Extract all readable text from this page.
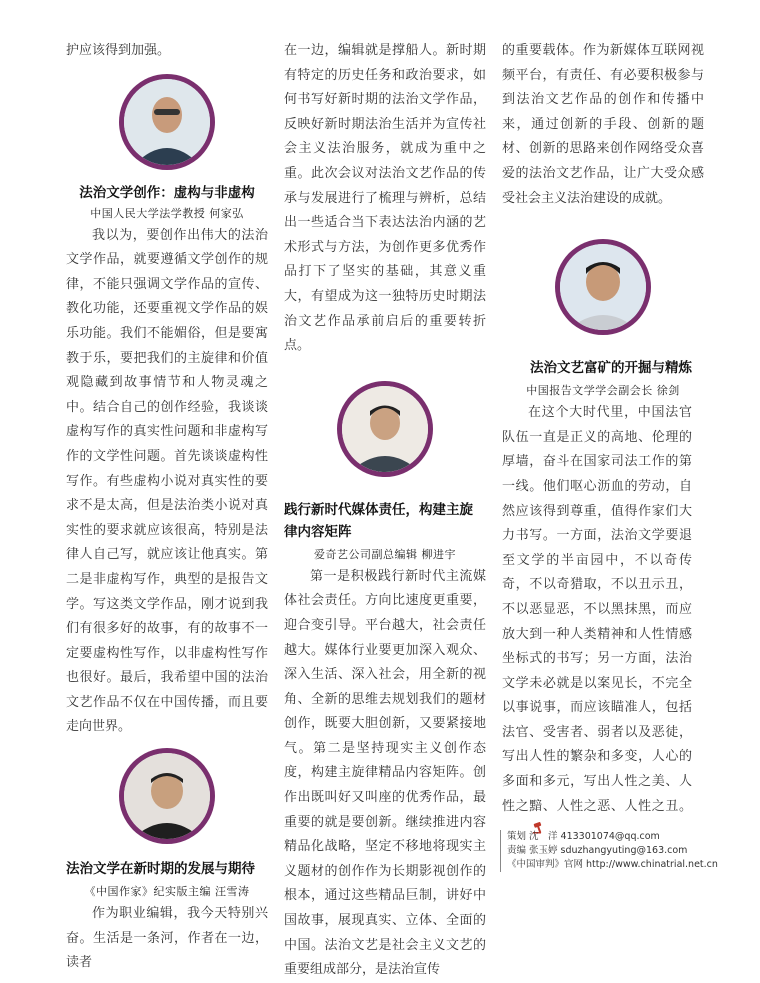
护应该得到加强。

法治文学创作：虚构与非虚构

中国人民大学法学教授 何家弘

我以为，要创作出伟大的法治文学作品，就要遵循文学创作的规律，不能只强调文学作品的宣传、教化功能，还要重视文学作品的娱乐功能。我们不能媚俗，但是要寓教于乐，要把我们的主旋律和价值观隐藏到故事情节和人物灵魂之中。结合自己的创作经验，我谈谈虚构写作的真实性问题和非虚构写作的文学性问题。首先谈谈虚构性写作。有些虚构小说对真实性的要求不是太高，但是法治类小说对真实性的要求就应该很高，特别是法律人自己写，就应该让他真实。第二是非虚构写作，典型的是报告文学。写这类文学作品，刚才说到我们有很多好的故事，有的故事不一定要虚构性写作，以非虚构性写作也很好。最后，我希望中国的法治文艺作品不仅在中国传播，而且要走向世界。

法治文学在新时期的发展与期待

《中国作家》纪实版主编 汪雪涛

作为职业编辑，我今天特别兴奋。生活是一条河，作者在一边，读者

在一边，编辑就是撑船人。新时期有特定的历史任务和政治要求，如何书写好新时期的法治文学作品，反映好新时期法治生活并为宣传社会主义法治服务，就成为重中之重。此次会议对法治文艺作品的传承与发展进行了梳理与辨析，总结出一些适合当下表达法治内涵的艺术形式与方法，为创作更多优秀作品打下了坚实的基础，其意义重大，有望成为这一独特历史时期法治文艺作品承前启后的重要转折点。

践行新时代媒体责任，构建主旋律内容矩阵

爱奇艺公司副总编辑 柳进宇

第一是积极践行新时代主流媒体社会责任。方向比速度更重要，迎合变引导。平台越大，社会责任越大。媒体行业要更加深入观众、深入生活、深入社会，用全新的视角、全新的思维去规划我们的题材创作，既要大胆创新，又要紧接地气。第二是坚持现实主义创作态度，构建主旋律精品内容矩阵。创作出既叫好又叫座的优秀作品，最重要的就是要创新。继续推进内容精品化战略，坚定不移地将现实主义题材的创作作为长期影视创作的根本，通过这些精品巨制，讲好中国故事，展现真实、立体、全面的中国。法治文艺是社会主义文艺的重要组成部分，是法治宣传

的重要载体。作为新媒体互联网视频平台，有责任、有必要积极参与到法治文艺作品的创作和传播中来，通过创新的手段、创新的题材、创新的思路来创作网络受众喜爱的法治文艺作品，让广大受众感受社会主义法治建设的成就。

法治文艺富矿的开掘与精炼

中国报告文学学会副会长 徐剑

在这个大时代里，中国法官队伍一直是正义的高地、伦理的厚墙，奋斗在国家司法工作的第一线。他们呕心沥血的劳动，自然应该得到尊重，值得作家们大力书写。一方面，法治文学要退至文学的半亩园中，不以奇传奇，不以奇猎取，不以丑示丑，不以恶显恶，不以黑抹黑，而应放大到一种人类精神和人性情感坐标式的书写；另一方面，法治文学未必就是以案见长，不完全以事说事，而应该瞄准人，包括法官、受害者、弱者以及恶徒，写出人性的繁杂和多变，人心的多面和多元，写出人性之美、人性之黯、人性之恶、人性之丑。

策划 沈　洋 413301074@qq.com
责编 张玉婷 sduzhangyuting@163.com
《中国审判》官网 http://www.chinatrial.net.cn
